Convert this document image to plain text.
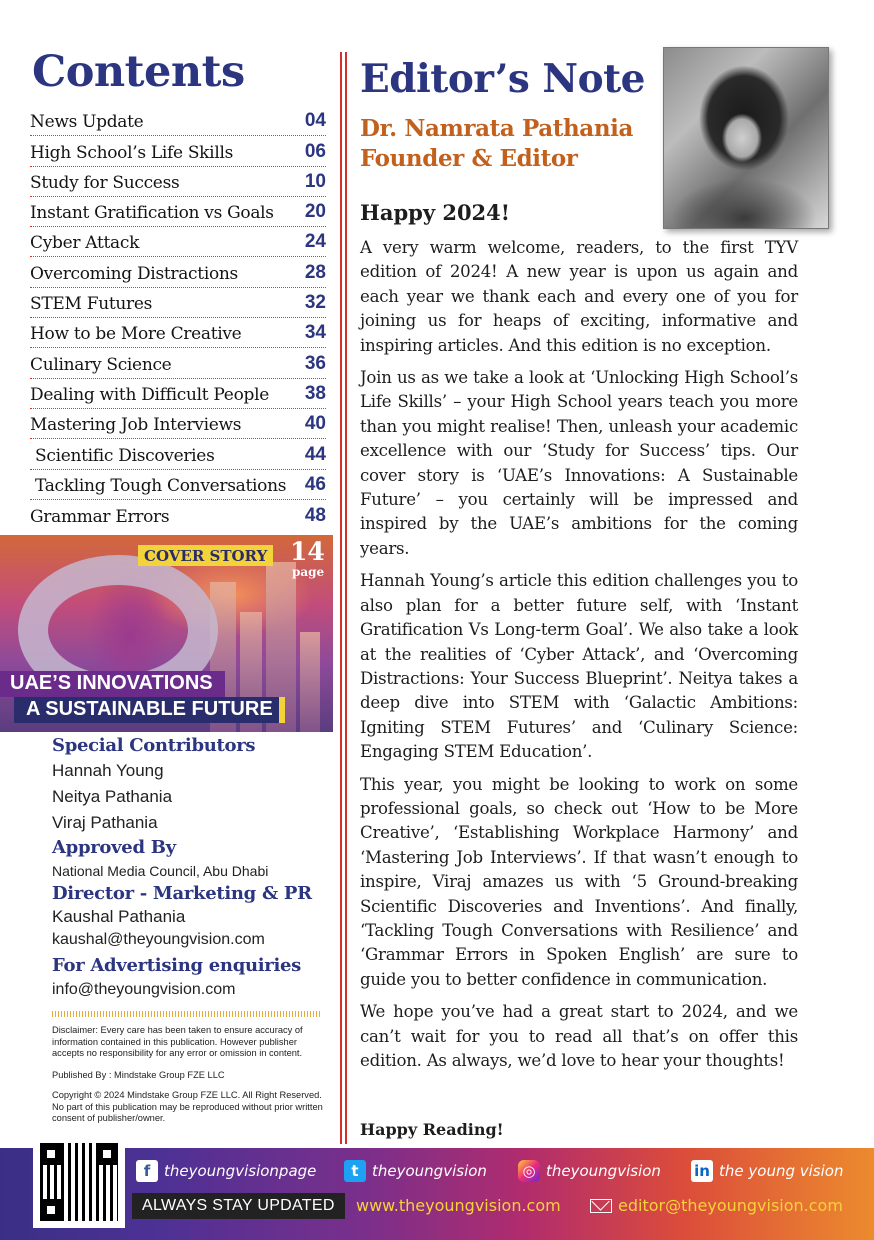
Contents
News Update	04
High School’s Life Skills	06
Study for Success	10
Instant Gratification vs Goals 20
Cyber Attack	24
Overcoming Distractions	28
STEM Futures	32
How to be More Creative	34
Culinary Science	36
Dealing with Difficult People 38
Mastering Job Interviews	40
Scientific Discoveries	44
Tackling Tough Conversations 46
Grammar Errors	48
COVER STORY 14
page
UAE’S INNOVATIONS
A SUSTAINABLE FUTURE
Special Contributors
Hannah Young
Neitya Pathania
Viraj Pathania
Approved By
National Media Council, Abu Dhabi
Director - Marketing & PR
Kaushal Pathania
kaushal@theyoungvision.com
For Advertising enquiries
info@theyoungvision.com
Disclaimer: Every care has been taken to ensure accuracy of information contained in this publication. However publisher accepts no responsibility for any error or omission in content.
Published By : Mindstake Group FZE LLC
Copyright © 2024 Mindstake Group FZE LLC. All Right Reserved. No part of this publication may be reproduced without prior written consent of publisher/owner.
Editor’s Note
Dr. Namrata Pathania
Founder & Editor
Happy 2024!

A very warm welcome, readers, to the first TYV edition of 2024! A new year is upon us again and each year we thank each and every one of you for joining us for heaps of exciting, informative and inspiring articles. And this edition is no exception.

Join us as we take a look at ‘Unlocking High School’s Life Skills’ – your High School years teach you more than you might realise! Then, unleash your academic excellence with our ‘Study for Success’ tips. Our cover story is ‘UAE’s Innovations: A Sustainable Future’ – you certainly will be impressed and inspired by the UAE’s ambitions for the coming years.

Hannah Young’s article this edition challenges you to also plan for a better future self, with ‘Instant Gratification Vs Long-term Goal’. We also take a look at the realities of ‘Cyber Attack’, and ‘Overcoming Distractions: Your Success Blueprint’. Neitya takes a deep dive into STEM with ‘Galactic Ambitions: Igniting STEM Futures’ and ‘Culinary Science: Engaging STEM Education’.

This year, you might be looking to work on some professional goals, so check out ‘How to be More Creative’, ‘Establishing Workplace Harmony’ and ‘Mastering Job Interviews’. If that wasn’t enough to inspire, Viraj amazes us with ‘5 Ground-breaking Scientific Discoveries and Inventions’. And finally, ‘Tackling Tough Conversations with Resilience’ and ‘Grammar Errors in Spoken English’ are sure to guide you to better confidence in communication.

We hope you’ve had a great start to 2024, and we can’t wait for you to read all that’s on offer this edition. As always, we’d love to hear your thoughts!

Happy Reading!
f theyoungvisionpage	t theyoungvision ◎ theyoungvision in the young vision
ALWAYS STAY UPDATED	www.theyoungvision.com	editor@theyoungvision.com
